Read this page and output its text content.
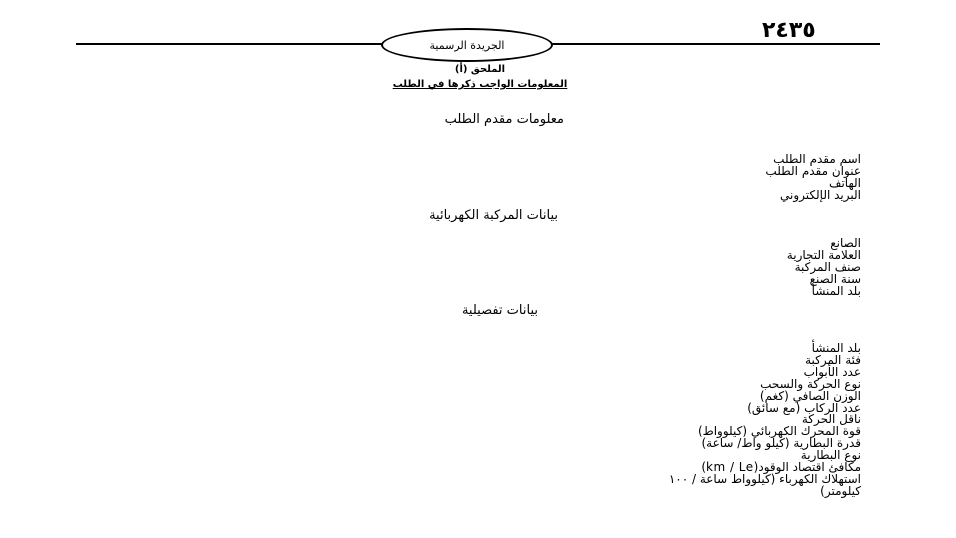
٢٤٣٥
الجريدة الرسمية
الملحق (أ)
المعلومات الواجب ذكرها في الطلب
معلومات مقدم الطلب
اسم مقدم الطلب
عنوان مقدم الطلب
الهاتف
البريد الإلكتروني
بيانات المركبة الكهربائية
الصانع
العلامة التجارية
صنف المركبة
سنة الصنع
بلد المنشأ
بيانات تفصيلية
بلد المنشأ
فئة المركبة
عدد الأبواب
نوع الحركة والسحب
الوزن الصافي (كغم)
عدد الركاب (مع سائق)
ناقل الحركة
قوة المحرك الكهربائي (كيلوواط)
قدرة البطارية (كيلو واط/ ساعة)
نوع البطارية
مكافئ اقتصاد الوقود(km / Le)
استهلاك الكهرباء (كيلوواط ساعة / ١٠٠
كيلومتر)
